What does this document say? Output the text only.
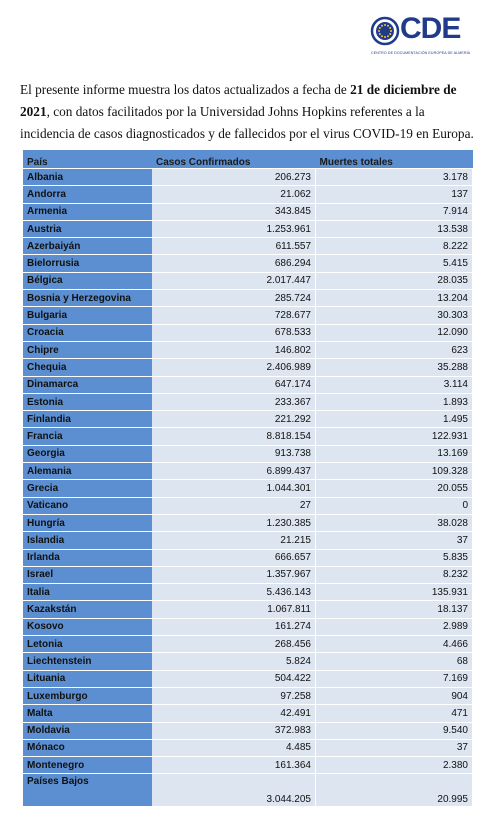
CDE
CENTRO DE DOCUMENTACIÓN EUROPEA DE ALMERÍA

El presente informe muestra los datos actualizados a fecha de 21 de diciembre de 2021, con datos facilitados por la Universidad Johns Hopkins referentes a la incidencia de casos diagnosticados y de fallecidos por el virus COVID-19 en Europa.

País	Casos Confirmados	Muertes totales
Albania	206.273	3.178
Andorra	21.062	137
Armenia	343.845	7.914
Austria	1.253.961	13.538
Azerbaiyán	611.557	8.222
Bielorrusia	686.294	5.415
Bélgica	2.017.447	28.035
Bosnia y Herzegovina	285.724	13.204
Bulgaria	728.677	30.303
Croacia	678.533	12.090
Chipre	146.802	623
Chequia	2.406.989	35.288
Dinamarca	647.174	3.114
Estonia	233.367	1.893
Finlandia	221.292	1.495
Francia	8.818.154	122.931
Georgia	913.738	13.169
Alemania	6.899.437	109.328
Grecia	1.044.301	20.055
Vaticano	27	0
Hungría	1.230.385	38.028
Islandia	21.215	37
Irlanda	666.657	5.835
Israel	1.357.967	8.232
Italia	5.436.143	135.931
Kazakstán	1.067.811	18.137
Kosovo	161.274	2.989
Letonia	268.456	4.466
Liechtenstein	5.824	68
Lituania	504.422	7.169
Luxemburgo	97.258	904
Malta	42.491	471
Moldavia	372.983	9.540
Mónaco	4.485	37
Montenegro	161.364	2.380
Países Bajos	3.044.205	20.995
